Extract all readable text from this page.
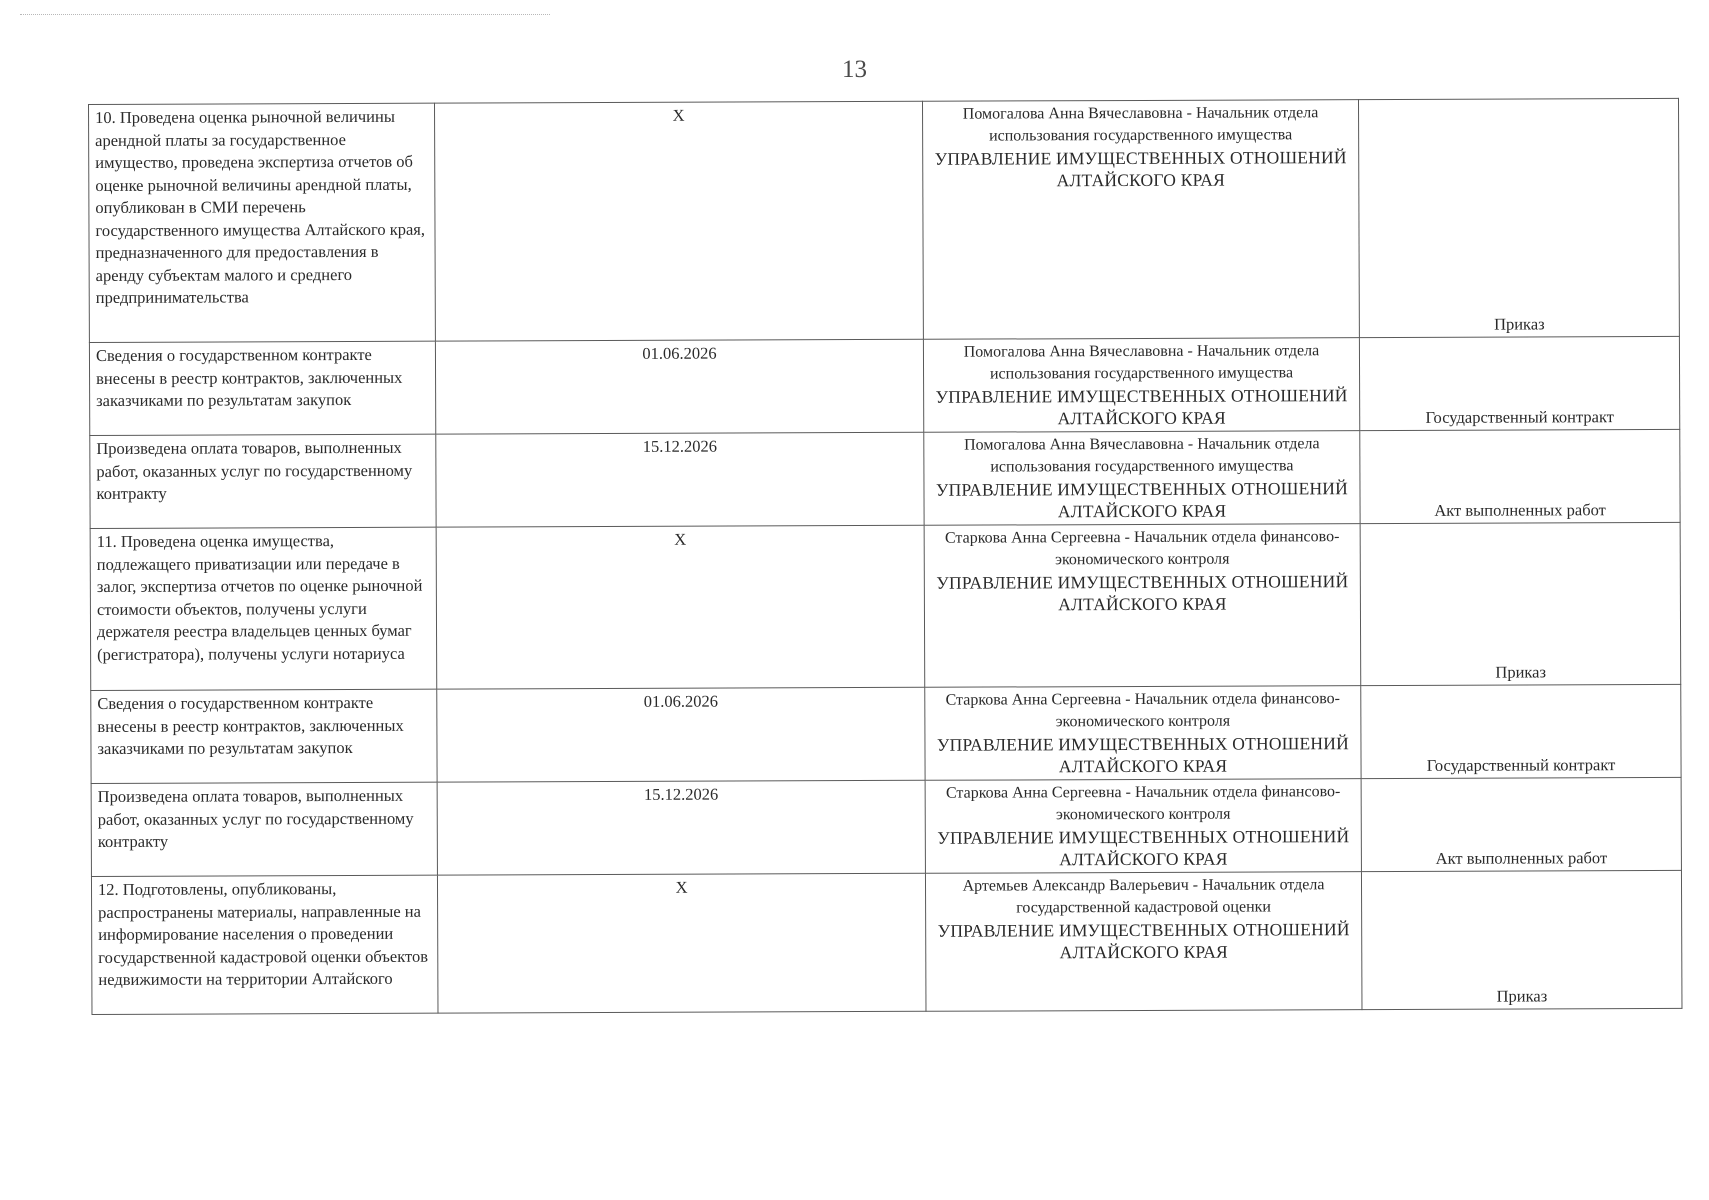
13
10. Проведена оценка рыночной величины арендной платы за государственное имущество, проведена экспертиза отчетов об оценке рыночной величины арендной платы, опубликован в СМИ перечень государственного имущества Алтайского края, предназначенного для предоставления в аренду субъектам малого и среднего предпринимательства	X	Помогалова Анна Вячеславовна - Начальник отдела использования государственного имущества
УПРАВЛЕНИЕ ИМУЩЕСТВЕННЫХ ОТНОШЕНИЙ АЛТАЙСКОГО КРАЯ	Приказ
Сведения о государственном контракте внесены в реестр контрактов, заключенных заказчиками по результатам закупок	01.06.2026	Помогалова Анна Вячеславовна - Начальник отдела использования государственного имущества
УПРАВЛЕНИЕ ИМУЩЕСТВЕННЫХ ОТНОШЕНИЙ АЛТАЙСКОГО КРАЯ	Государственный контракт
Произведена оплата товаров, выполненных работ, оказанных услуг по государственному контракту	15.12.2026	Помогалова Анна Вячеславовна - Начальник отдела использования государственного имущества
УПРАВЛЕНИЕ ИМУЩЕСТВЕННЫХ ОТНОШЕНИЙ АЛТАЙСКОГО КРАЯ	Акт выполненных работ
11. Проведена оценка имущества, подлежащего приватизации или передаче в залог, экспертиза отчетов по оценке рыночной стоимости объектов, получены услуги держателя реестра владельцев ценных бумаг (регистратора), получены услуги нотариуса	X	Старкова Анна Сергеевна - Начальник отдела финансово-экономического контроля
УПРАВЛЕНИЕ ИМУЩЕСТВЕННЫХ ОТНОШЕНИЙ АЛТАЙСКОГО КРАЯ	Приказ
Сведения о государственном контракте внесены в реестр контрактов, заключенных заказчиками по результатам закупок	01.06.2026	Старкова Анна Сергеевна - Начальник отдела финансово-экономического контроля
УПРАВЛЕНИЕ ИМУЩЕСТВЕННЫХ ОТНОШЕНИЙ АЛТАЙСКОГО КРАЯ	Государственный контракт
Произведена оплата товаров, выполненных работ, оказанных услуг по государственному контракту	15.12.2026	Старкова Анна Сергеевна - Начальник отдела финансово-экономического контроля
УПРАВЛЕНИЕ ИМУЩЕСТВЕННЫХ ОТНОШЕНИЙ АЛТАЙСКОГО КРАЯ	Акт выполненных работ
12. Подготовлены, опубликованы, распространены материалы, направленные на информирование населения о проведении государственной кадастровой оценки объектов недвижимости на территории Алтайского	X	Артемьев Александр Валерьевич - Начальник отдела государственной кадастровой оценки
УПРАВЛЕНИЕ ИМУЩЕСТВЕННЫХ ОТНОШЕНИЙ АЛТАЙСКОГО КРАЯ	Приказ
